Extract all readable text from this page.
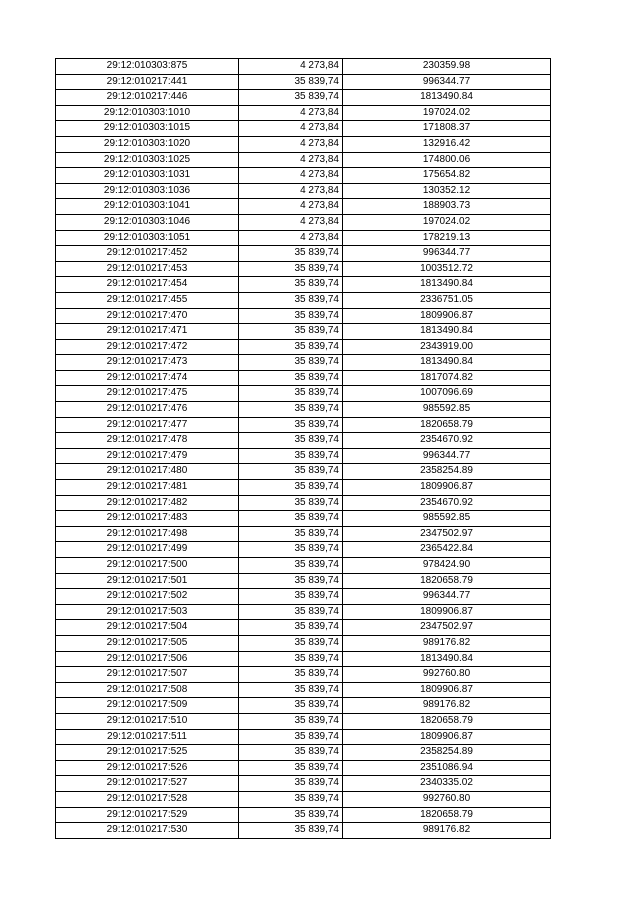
29:12:010303:875	4 273,84	230359.98
29:12:010217:441	35 839,74	996344.77
29:12:010217:446	35 839,74	1813490.84
29:12:010303:1010	4 273,84	197024.02
29:12:010303:1015	4 273,84	171808.37
29:12:010303:1020	4 273,84	132916.42
29:12:010303:1025	4 273,84	174800.06
29:12:010303:1031	4 273,84	175654.82
29:12:010303:1036	4 273,84	130352.12
29:12:010303:1041	4 273,84	188903.73
29:12:010303:1046	4 273,84	197024.02
29:12:010303:1051	4 273,84	178219.13
29:12:010217:452	35 839,74	996344.77
29:12:010217:453	35 839,74	1003512.72
29:12:010217:454	35 839,74	1813490.84
29:12:010217:455	35 839,74	2336751.05
29:12:010217:470	35 839,74	1809906.87
29:12:010217:471	35 839,74	1813490.84
29:12:010217:472	35 839,74	2343919.00
29:12:010217:473	35 839,74	1813490.84
29:12:010217:474	35 839,74	1817074.82
29:12:010217:475	35 839,74	1007096.69
29:12:010217:476	35 839,74	985592.85
29:12:010217:477	35 839,74	1820658.79
29:12:010217:478	35 839,74	2354670.92
29:12:010217:479	35 839,74	996344.77
29:12:010217:480	35 839,74	2358254.89
29:12:010217:481	35 839,74	1809906.87
29:12:010217:482	35 839,74	2354670.92
29:12:010217:483	35 839,74	985592.85
29:12:010217:498	35 839,74	2347502.97
29:12:010217:499	35 839,74	2365422.84
29:12:010217:500	35 839,74	978424.90
29:12:010217:501	35 839,74	1820658.79
29:12:010217:502	35 839,74	996344.77
29:12:010217:503	35 839,74	1809906.87
29:12:010217:504	35 839,74	2347502.97
29:12:010217:505	35 839,74	989176.82
29:12:010217:506	35 839,74	1813490.84
29:12:010217:507	35 839,74	992760.80
29:12:010217:508	35 839,74	1809906.87
29:12:010217:509	35 839,74	989176.82
29:12:010217:510	35 839,74	1820658.79
29:12:010217:511	35 839,74	1809906.87
29:12:010217:525	35 839,74	2358254.89
29:12:010217:526	35 839,74	2351086.94
29:12:010217:527	35 839,74	2340335.02
29:12:010217:528	35 839,74	992760.80
29:12:010217:529	35 839,74	1820658.79
29:12:010217:530	35 839,74	989176.82
